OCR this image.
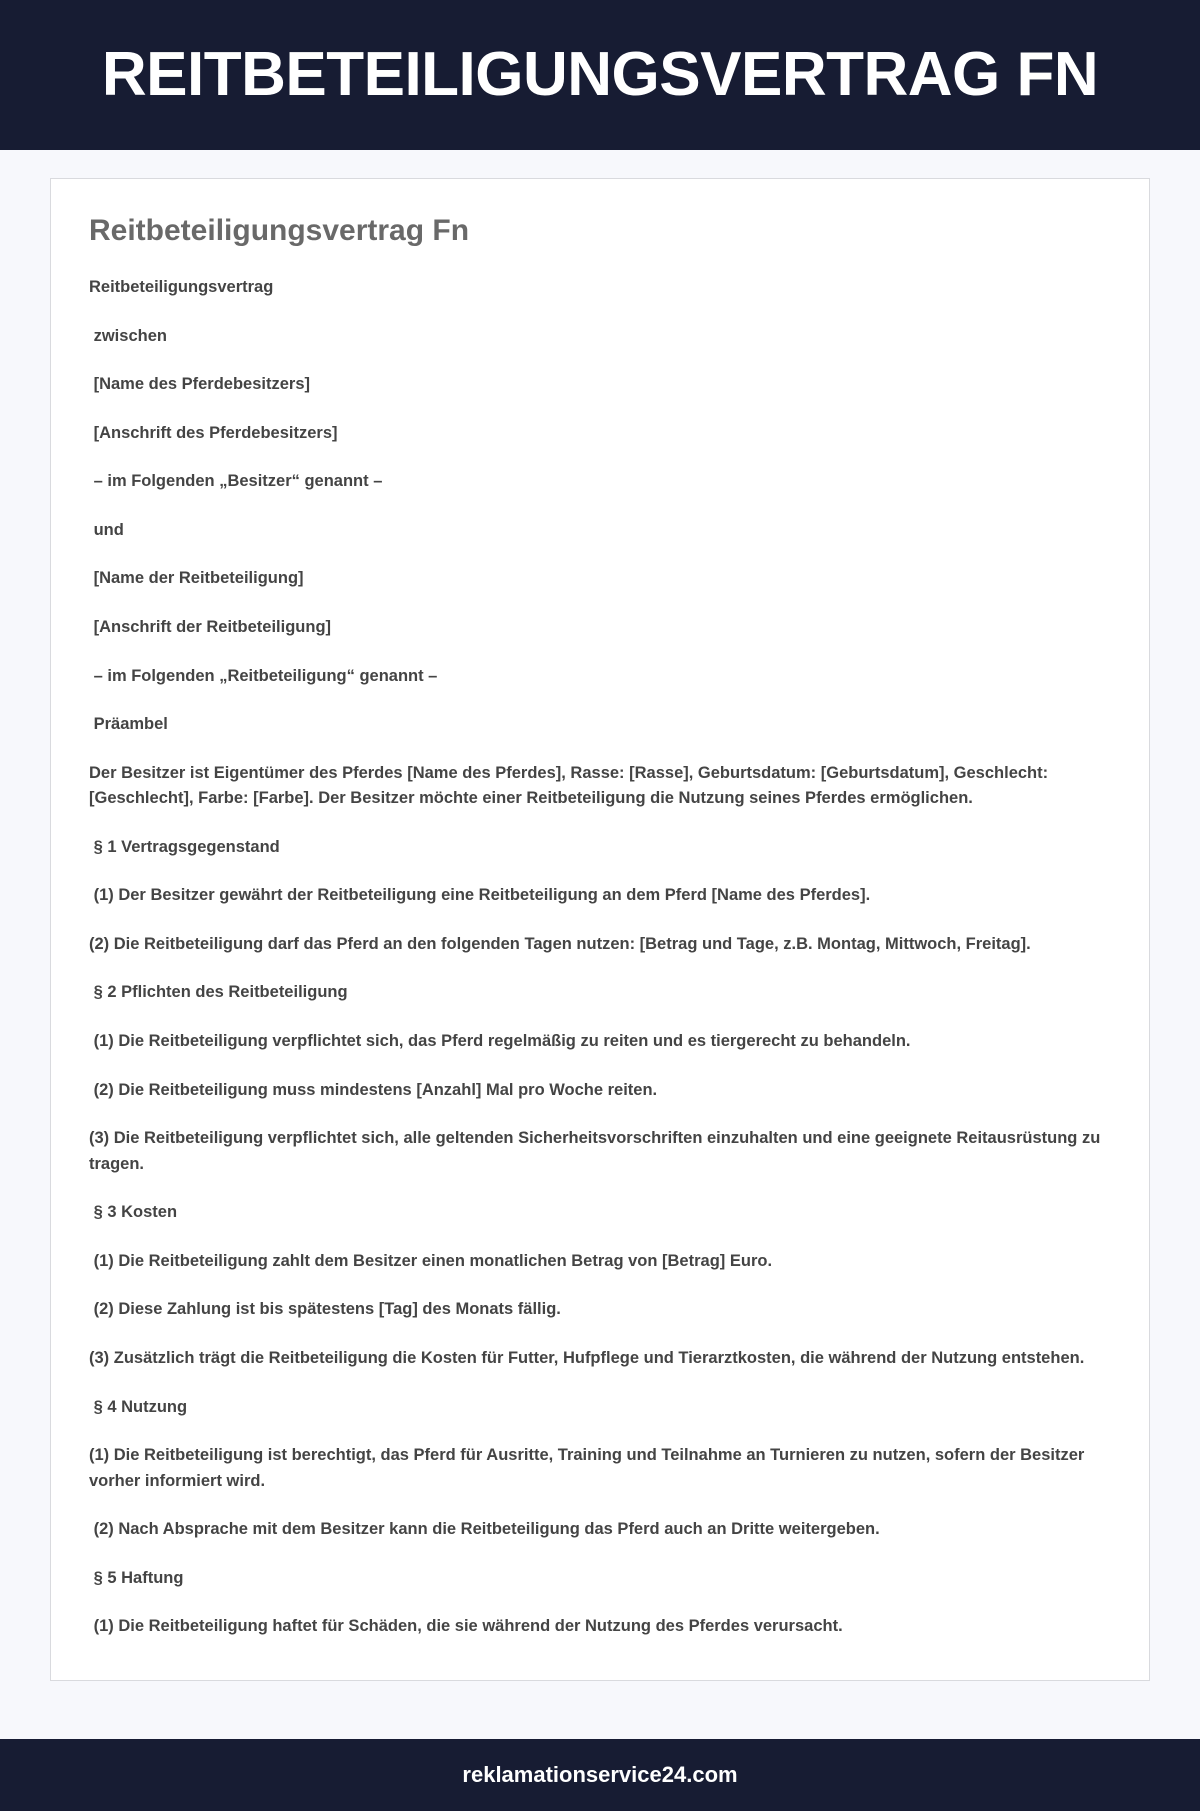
REITBETEILIGUNGSVERTRAG FN
Reitbeteiligungsvertrag Fn

Reitbeteiligungsvertrag

zwischen

[Name des Pferdebesitzers]

[Anschrift des Pferdebesitzers]

– im Folgenden „Besitzer“ genannt –

und

[Name der Reitbeteiligung]

[Anschrift der Reitbeteiligung]

– im Folgenden „Reitbeteiligung“ genannt –

Präambel

Der Besitzer ist Eigentümer des Pferdes [Name des Pferdes], Rasse: [Rasse], Geburtsdatum: [Geburtsdatum], Geschlecht: [Geschlecht], Farbe: [Farbe]. Der Besitzer möchte einer Reitbeteiligung die Nutzung seines Pferdes ermöglichen.

§ 1 Vertragsgegenstand

(1) Der Besitzer gewährt der Reitbeteiligung eine Reitbeteiligung an dem Pferd [Name des Pferdes].

(2) Die Reitbeteiligung darf das Pferd an den folgenden Tagen nutzen: [Betrag und Tage, z.B. Montag, Mittwoch, Freitag].

§ 2 Pflichten des Reitbeteiligung

(1) Die Reitbeteiligung verpflichtet sich, das Pferd regelmäßig zu reiten und es tiergerecht zu behandeln.

(2) Die Reitbeteiligung muss mindestens [Anzahl] Mal pro Woche reiten.

(3) Die Reitbeteiligung verpflichtet sich, alle geltenden Sicherheitsvorschriften einzuhalten und eine geeignete Reitausrüstung zu tragen.

§ 3 Kosten

(1) Die Reitbeteiligung zahlt dem Besitzer einen monatlichen Betrag von [Betrag] Euro.

(2) Diese Zahlung ist bis spätestens [Tag] des Monats fällig.

(3) Zusätzlich trägt die Reitbeteiligung die Kosten für Futter, Hufpflege und Tierarztkosten, die während der Nutzung entstehen.

§ 4 Nutzung

(1) Die Reitbeteiligung ist berechtigt, das Pferd für Ausritte, Training und Teilnahme an Turnieren zu nutzen, sofern der Besitzer vorher informiert wird.

(2) Nach Absprache mit dem Besitzer kann die Reitbeteiligung das Pferd auch an Dritte weitergeben.

§ 5 Haftung

(1) Die Reitbeteiligung haftet für Schäden, die sie während der Nutzung des Pferdes verursacht.

reklamationservice24.com
